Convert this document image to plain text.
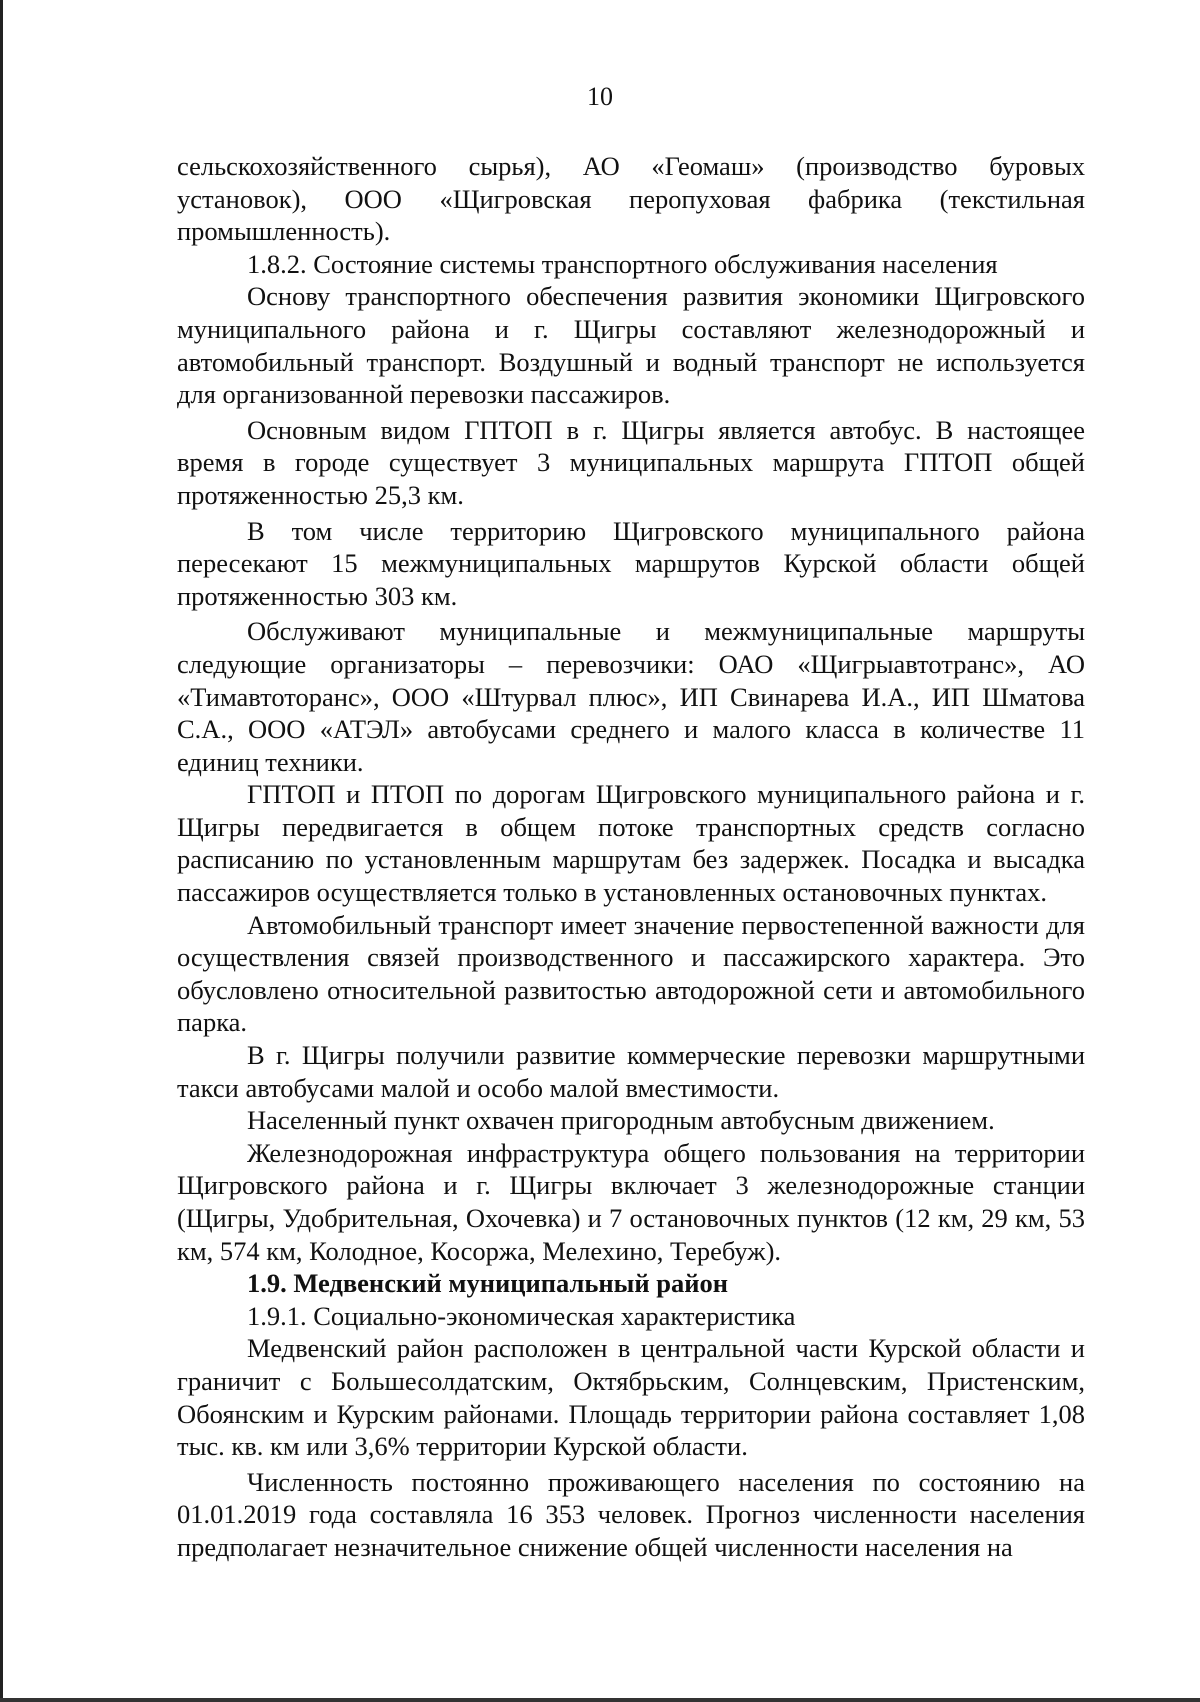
10

сельскохозяйственного сырья), АО «Геомаш» (производство буровых установок), ООО «Щигровская перопуховая фабрика (текстильная промышленность).

1.8.2. Состояние системы транспортного обслуживания населения

Основу транспортного обеспечения развития экономики Щигровского муниципального района и г. Щигры составляют железнодорожный и автомобильный транспорт. Воздушный и водный транспорт не используется для организованной перевозки пассажиров.

Основным видом ГПТОП в г. Щигры является автобус. В настоящее время в городе существует 3 муниципальных маршрута ГПТОП общей протяженностью 25,3 км.

В том числе территорию Щигровского муниципального района пересекают 15 межмуниципальных маршрутов Курской области общей протяженностью 303 км.

Обслуживают муниципальные и межмуниципальные маршруты следующие организаторы – перевозчики: ОАО «Щигрыавтотранс», АО «Тимавтоторанс», ООО «Штурвал плюс», ИП Свинарева И.А., ИП Шматова С.А., ООО «АТЭЛ» автобусами среднего и малого класса в количестве 11 единиц техники.

ГПТОП и ПТОП по дорогам Щигровского муниципального района и г. Щигры передвигается в общем потоке транспортных средств согласно расписанию по установленным маршрутам без задержек. Посадка и высадка пассажиров осуществляется только в установленных остановочных пунктах.

Автомобильный транспорт имеет значение первостепенной важности для осуществления связей производственного и пассажирского характера. Это обусловлено относительной развитостью автодорожной сети и автомобильного парка.

В г. Щигры получили развитие коммерческие перевозки маршрутными такси автобусами малой и особо малой вместимости.

Населенный пункт охвачен пригородным автобусным движением.

Железнодорожная инфраструктура общего пользования на территории Щигровского района и г. Щигры включает 3 железнодорожные станции (Щигры, Удобрительная, Охочевка) и 7 остановочных пунктов (12 км, 29 км, 53 км, 574 км, Колодное, Косоржа, Мелехино, Теребуж).

1.9. Медвенский муниципальный район

1.9.1. Социально-экономическая характеристика

Медвенский район расположен в центральной части Курской области и граничит с Большесолдатским, Октябрьским, Солнцевским, Пристенским, Обоянским и Курским районами. Площадь территории района составляет 1,08 тыс. кв. км или 3,6% территории Курской области.

Численность постоянно проживающего населения по состоянию на 01.01.2019 года составляла 16 353 человек. Прогноз численности населения предполагает незначительное снижение общей численности населения на
